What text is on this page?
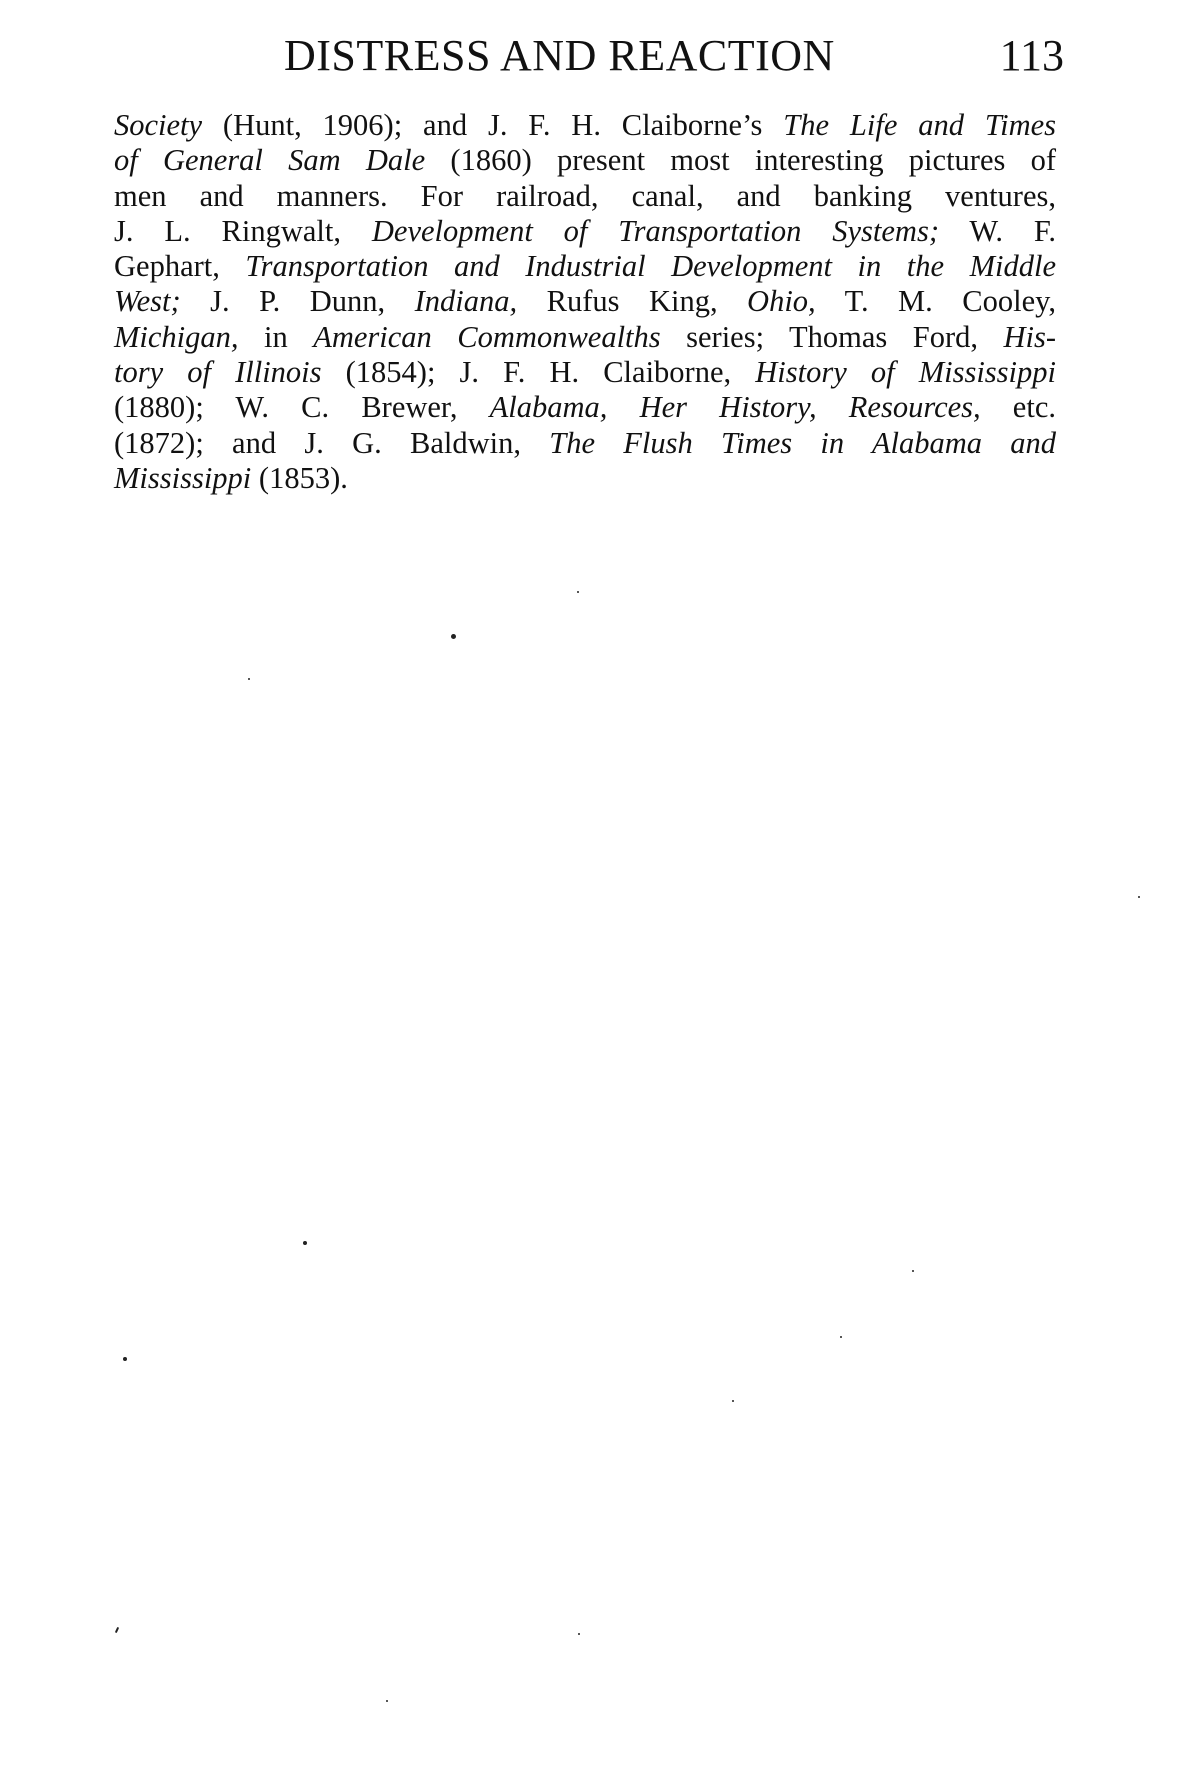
DISTRESS AND REACTION	113
Society (Hunt, 1906); and J. F. H. Claiborne’s The Life and Times
of General Sam Dale (1860) present most interesting pictures of
men and manners. For railroad, canal, and banking ventures,
J. L. Ringwalt, Development of Transportation Systems; W. F.
Gephart, Transportation and Industrial Development in the Middle
West; J. P. Dunn, Indiana, Rufus King, Ohio, T. M. Cooley,
Michigan, in American Commonwealths series; Thomas Ford, His-
tory of Illinois (1854); J. F. H. Claiborne, History of Mississippi
(1880); W. C. Brewer, Alabama, Her History, Resources, etc.
(1872); and J. G. Baldwin, The Flush Times in Alabama and
Mississippi (1853).
